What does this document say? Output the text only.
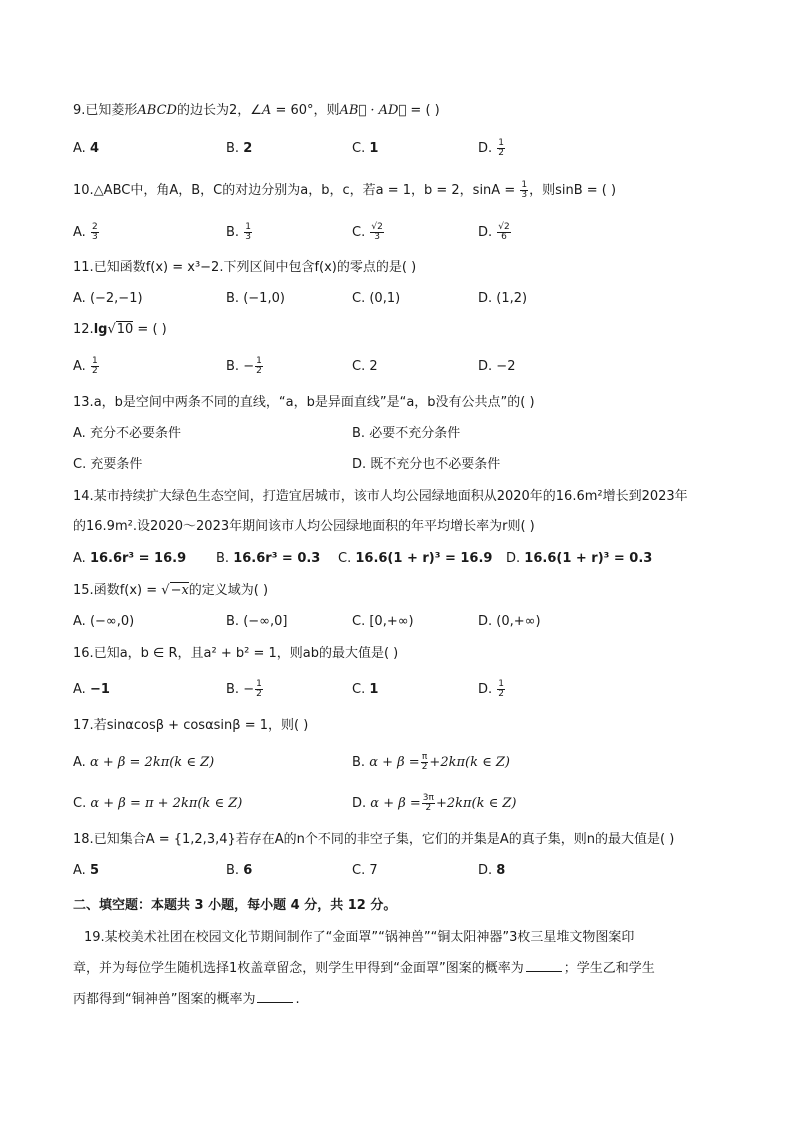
9.已知菱形ABCD的边长为2，∠A = 60°，则AB⃗ · AD⃗ = ( )
A. 4	B. 2	C. 1	D. $\frac{1}{2}$
10.△ABC中，角A，B，C的对边分别为a，b，c，若a = 1，b = 2，$\sin A = \frac{1}{3}$ ，则sinB = ( )
A. $\frac{2}{3}$	B. $\frac{1}{3}$	C. $\frac{√2}{3}$	D. $\frac{√2}{6}$
11.已知函数f(x) = x³−2.下列区间中包含f(x)的零点的是( )
A. (−2,−1)	B. (−1,0)	C. (0,1)	D. (1,2)
12.lg√10 = ( )
A. $\frac{1}{2}$	B. − $\frac{1}{2}$	C. 2	D. −2
13.a，b是空间中两条不同的直线，“a，b是异面直线”是“a，b没有公共点”的( )
A. 充分不必要条件	B. 必要不充分条件
C. 充要条件	D. 既不充分也不必要条件
14.某市持续扩大绿色生态空间，打造宜居城市，该市人均公园绿地面积从2020年的16.6m²增长到2023年
的16.9m².设2020～2023年期间该市人均公园绿地面积的年平均增长率为r则( )
A. 16.6r³ = 16.9 B. 16.6r³ = 0.3 C. 16.6(1 + r)³ = 16.9 D. 16.6(1 + r)³ = 0.3
15.函数f(x) = √−x的定义域为( )
A. (−∞,0)	B. (−∞,0]	C. [0,+∞)	D. (0,+∞)
16.已知a，b ∈ R，且a² + b² = 1，则ab的最大值是( )
A. −1	B. − $\frac{1}{2}$	C. 1	D. $\frac{1}{2}$
17.若sinαcosβ + cosαsinβ = 1，则( )
A. α + β = 2kπ(k ∈ Z)	B. $\alpha + \beta = \frac{\pi}{2} +2k\pi(k$ ∈ Z)
C. α + β = π + 2kπ(k ∈ Z)	D. $\alpha + \beta = \frac{3\pi}{2} +2k\pi(k$ ∈ Z)
18.已知集合A = {1,2,3,4}若存在A的n个不同的非空子集，它们的并集是A的真子集，则n的最大值是( )
A. 5	B. 6	C. 7	D. 8
二、填空题：本题共 3 小题，每小题 4 分，共 12 分。
19.某校美术社团在校园文化节期间制作了“金面罩”“锅神兽”“铜太阳神器”3枚三星堆文物图案印
章，并为每位学生随机选择1枚盖章留念，则学生甲得到“金面罩”图案的概率为	；学生乙和学生
丙都得到“铜神兽”图案的概率为	.
